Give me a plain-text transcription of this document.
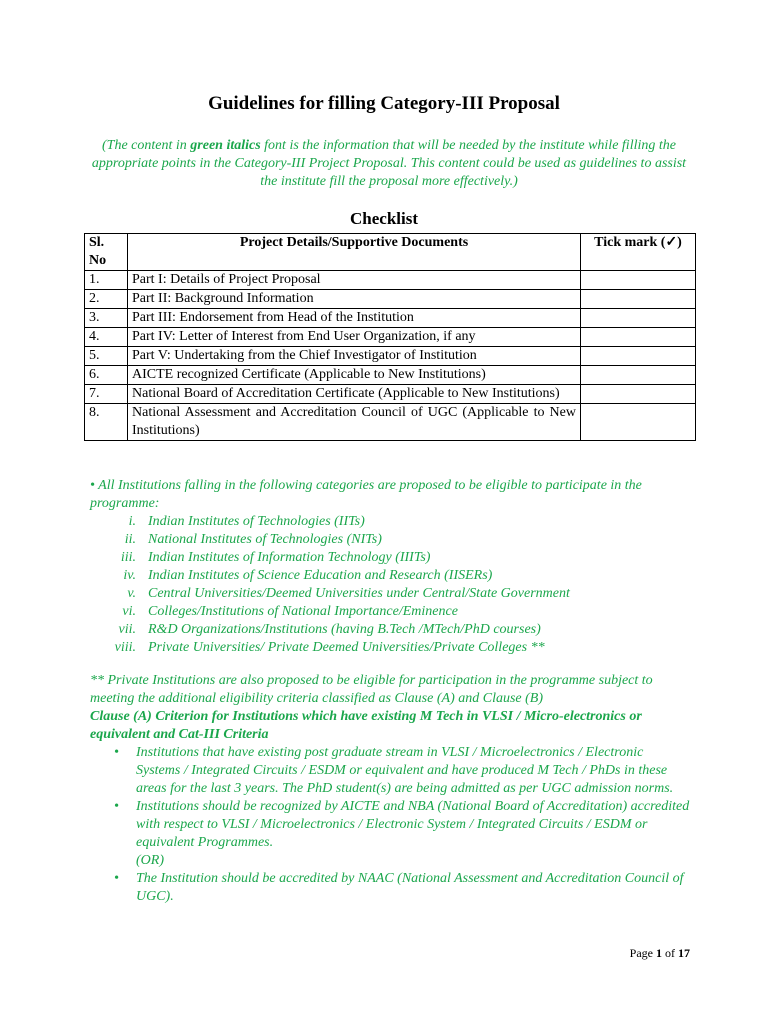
Guidelines for filling Category-III Proposal
(The content in green italics font is the information that will be needed by the institute while filling the appropriate points in the Category-III Project Proposal. This content could be used as guidelines to assist the institute fill the proposal more effectively.)
Checklist
Sl. No	Project Details/Supportive Documents	Tick mark (✓)
1.	Part I: Details of Project Proposal	
2.	Part II: Background Information	
3.	Part III: Endorsement from Head of the Institution	
4.	Part IV: Letter of Interest from End User Organization, if any	
5.	Part V: Undertaking from the Chief Investigator of Institution	
6.	AICTE recognized Certificate (Applicable to New Institutions)	
7.	National Board of Accreditation Certificate (Applicable to New Institutions)	
8.	National Assessment and Accreditation Council of UGC (Applicable to New Institutions)	
• All Institutions falling in the following categories are proposed to be eligible to participate in the programme:
i. Indian Institutes of Technologies (IITs)
ii. National Institutes of Technologies (NITs)
iii. Indian Institutes of Information Technology (IIITs)
iv. Indian Institutes of Science Education and Research (IISERs)
v. Central Universities/Deemed Universities under Central/State Government
vi. Colleges/Institutions of National Importance/Eminence
vii. R&D Organizations/Institutions (having B.Tech /MTech/PhD courses)
viii. Private Universities/ Private Deemed Universities/Private Colleges **
** Private Institutions are also proposed to be eligible for participation in the programme subject to meeting the additional eligibility criteria classified as Clause (A) and Clause (B)
Clause (A) Criterion for Institutions which have existing M Tech in VLSI / Micro-electronics or equivalent and Cat-III Criteria
•	Institutions that have existing post graduate stream in VLSI / Microelectronics / Electronic Systems / Integrated Circuits / ESDM or equivalent and have produced M Tech / PhDs in these areas for the last 3 years. The PhD student(s) are being admitted as per UGC admission norms.
•	Institutions should be recognized by AICTE and NBA (National Board of Accreditation) accredited with respect to VLSI / Microelectronics / Electronic System / Integrated Circuits / ESDM or equivalent Programmes.
(OR)
•	The Institution should be accredited by NAAC (National Assessment and Accreditation Council of UGC).
Page 1 of 17
